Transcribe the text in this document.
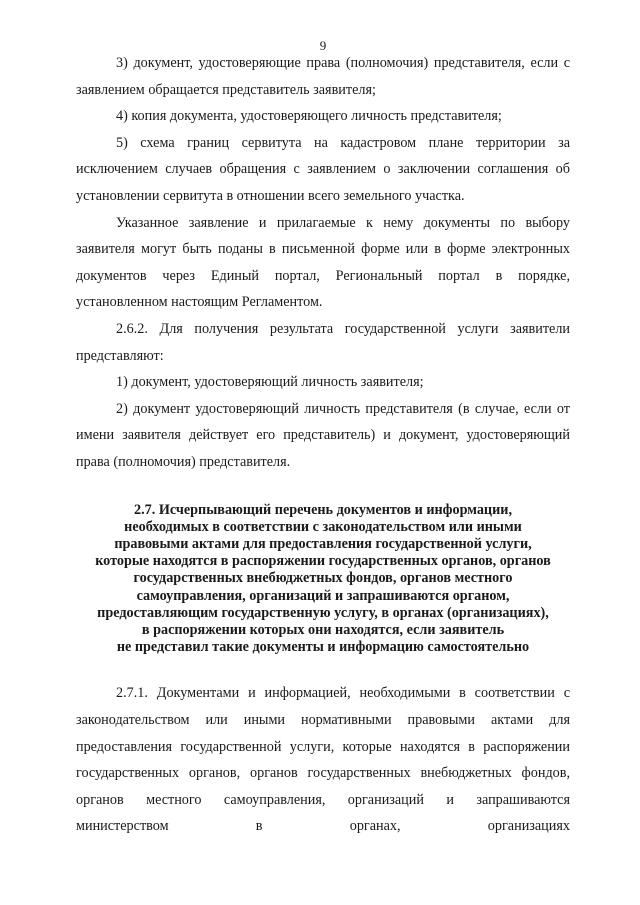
9

3) документ, удостоверяющие права (полномочия) представителя, если с заявлением обращается представитель заявителя;

4) копия документа, удостоверяющего личность представителя;

5) схема границ сервитута на кадастровом плане территории за исключением случаев обращения с заявлением о заключении соглашения об установлении сервитута в отношении всего земельного участка.

Указанное заявление и прилагаемые к нему документы по выбору заявителя могут быть поданы в письменной форме или в форме электронных документов через Единый портал, Региональный портал в порядке, установленном настоящим Регламентом.

2.6.2. Для получения результата государственной услуги заявители представляют:

1) документ, удостоверяющий личность заявителя;

2) документ удостоверяющий личность представителя (в случае, если от имени заявителя действует его представитель) и документ, удостоверяющий права (полномочия) представителя.

2.7. Исчерпывающий перечень документов и информации,
необходимых в соответствии с законодательством или иными
правовыми актами для предоставления государственной услуги,
которые находятся в распоряжении государственных органов, органов
государственных внебюджетных фондов, органов местного
самоуправления, организаций и запрашиваются органом,
предоставляющим государственную услугу, в органах (организациях),
в распоряжении которых они находятся, если заявитель
не представил такие документы и информацию самостоятельно

2.7.1. Документами и информацией, необходимыми в соответствии с законодательством или иными нормативными правовыми актами для предоставления государственной услуги, которые находятся в распоряжении государственных органов, органов государственных внебюджетных фондов, органов местного самоуправления, организаций и запрашиваются министерством в органах, организациях
